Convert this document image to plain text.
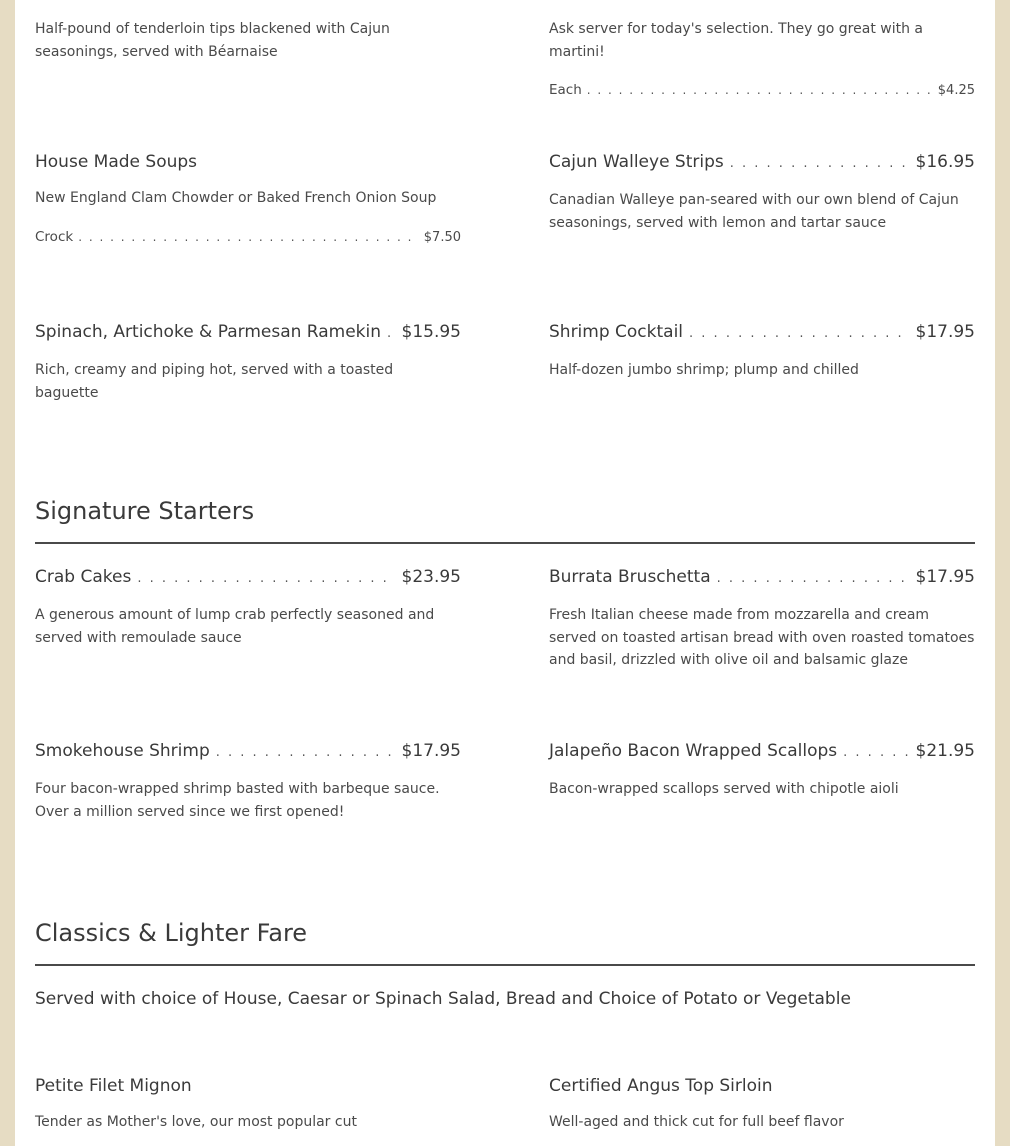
Half-pound of tenderloin tips blackened with Cajun seasonings, served with Béarnaise

Ask server for today's selection. They go great with a martini!

Each . . .	$4.25
House Made Soups

New England Clam Chowder or Baked French Onion Soup

Crock . . .	$7.50
Cajun Walleye Strips . . .	$16.95

Canadian Walleye pan-seared with our own blend of Cajun seasonings, served with lemon and tartar sauce

Spinach, Artichoke & Parmesan Ramekin . . . $15.95

Rich, creamy and piping hot, served with a toasted baguette

Shrimp Cocktail . . .	$17.95

Half-dozen jumbo shrimp; plump and chilled

Signature Starters
Crab Cakes . . .	$23.95

A generous amount of lump crab perfectly seasoned and served with remoulade sauce

Burrata Bruschetta . . .	$17.95

Fresh Italian cheese made from mozzarella and cream served on toasted artisan bread with oven roasted tomatoes and basil, drizzled with olive oil and balsamic glaze

Smokehouse Shrimp . . .	$17.95

Four bacon-wrapped shrimp basted with barbeque sauce. Over a million served since we first opened!

Jalapeño Bacon Wrapped Scallops . . .	$21.95

Bacon-wrapped scallops served with chipotle aioli

Classics & Lighter Fare
Served with choice of House, Caesar or Spinach Salad, Bread and Choice of Potato or Vegetable
Petite Filet Mignon

Tender as Mother's love, our most popular cut

Certified Angus Top Sirloin

Well-aged and thick cut for full beef flavor
